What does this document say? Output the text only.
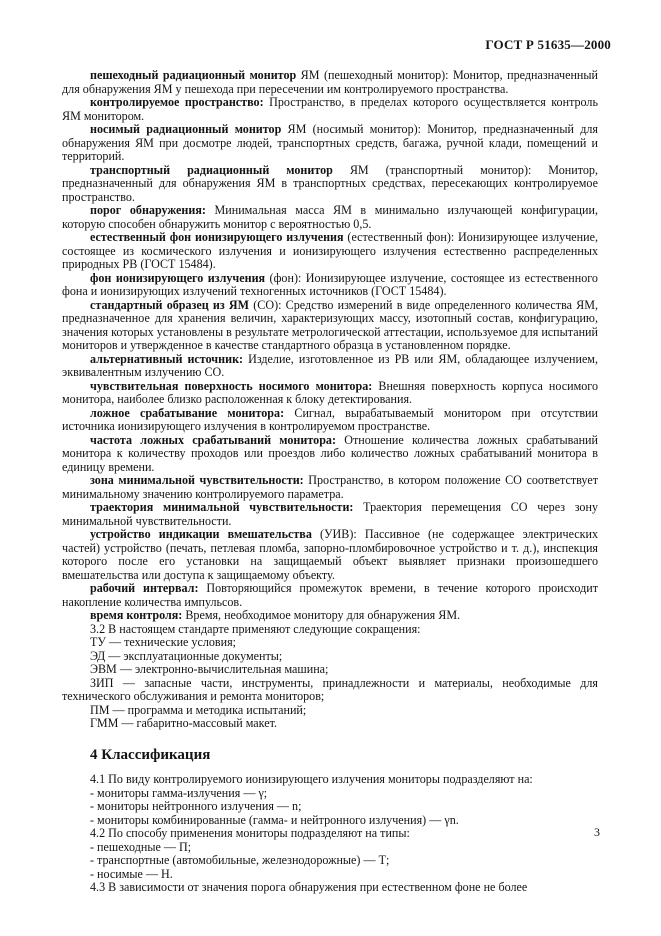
ГОСТ Р 51635—2000

пешеходный радиационный монитор ЯМ (пешеходный монитор): Монитор, предназначенный для обнаружения ЯМ у пешехода при пересечении им контролируемого пространства.

контролируемое пространство: Пространство, в пределах которого осуществляется контроль ЯМ монитором.

носимый радиационный монитор ЯМ (носимый монитор): Монитор, предназначенный для обнаружения ЯМ при досмотре людей, транспортных средств, багажа, ручной клади, помещений и территорий.

транспортный радиационный монитор ЯМ (транспортный монитор): Монитор, предназначенный для обнаружения ЯМ в транспортных средствах, пересекающих контролируемое пространство.

порог обнаружения: Минимальная масса ЯМ в минимально излучающей конфигурации, которую способен обнаружить монитор с вероятностью 0,5.

естественный фон ионизирующего излучения (естественный фон): Ионизирующее излучение, состоящее из космического излучения и ионизирующего излучения естественно распределенных природных РВ (ГОСТ 15484).

фон ионизирующего излучения (фон): Ионизирующее излучение, состоящее из естественного фона и ионизирующих излучений техногенных источников (ГОСТ 15484).

стандартный образец из ЯМ (СО): Средство измерений в виде определенного количества ЯМ, предназначенное для хранения величин, характеризующих массу, изотопный состав, конфигурацию, значения которых установлены в результате метрологической аттестации, используемое для испытаний мониторов и утвержденное в качестве стандартного образца в установленном порядке.

альтернативный источник: Изделие, изготовленное из РВ или ЯМ, обладающее излучением, эквивалентным излучению СО.

чувствительная поверхность носимого монитора: Внешняя поверхность корпуса носимого монитора, наиболее близко расположенная к блоку детектирования.

ложное срабатывание монитора: Сигнал, вырабатываемый монитором при отсутствии источника ионизирующего излучения в контролируемом пространстве.

частота ложных срабатываний монитора: Отношение количества ложных срабатываний монитора к количеству проходов или проездов либо количество ложных срабатываний монитора в единицу времени.

зона минимальной чувствительности: Пространство, в котором положение СО соответствует минимальному значению контролируемого параметра.

траектория минимальной чувствительности: Траектория перемещения СО через зону минимальной чувствительности.

устройство индикации вмешательства (УИВ): Пассивное (не содержащее электрических частей) устройство (печать, петлевая пломба, запорно-пломбировочное устройство и т. д.), инспекция которого после его установки на защищаемый объект выявляет признаки произошедшего вмешательства или доступа к защищаемому объекту.

рабочий интервал: Повторяющийся промежуток времени, в течение которого происходит накопление количества импульсов.

время контроля: Время, необходимое монитору для обнаружения ЯМ.

3.2 В настоящем стандарте применяют следующие сокращения:

ТУ — технические условия;

ЭД — эксплуатационные документы;

ЭВМ — электронно-вычислительная машина;

ЗИП — запасные части, инструменты, принадлежности и материалы, необходимые для технического обслуживания и ремонта мониторов;

ПМ — программа и методика испытаний;

ГММ — габаритно-массовый макет.

4 Классификация

4.1 По виду контролируемого ионизирующего излучения мониторы подразделяют на:

- мониторы гамма-излучения — γ;

- мониторы нейтронного излучения — n;

- мониторы комбинированные (гамма- и нейтронного излучения) — γn.

4.2 По способу применения мониторы подразделяют на типы:

- пешеходные — П;

- транспортные (автомобильные, железнодорожные) — Т;

- носимые — Н.

4.3 В зависимости от значения порога обнаружения при естественном фоне не более

3
